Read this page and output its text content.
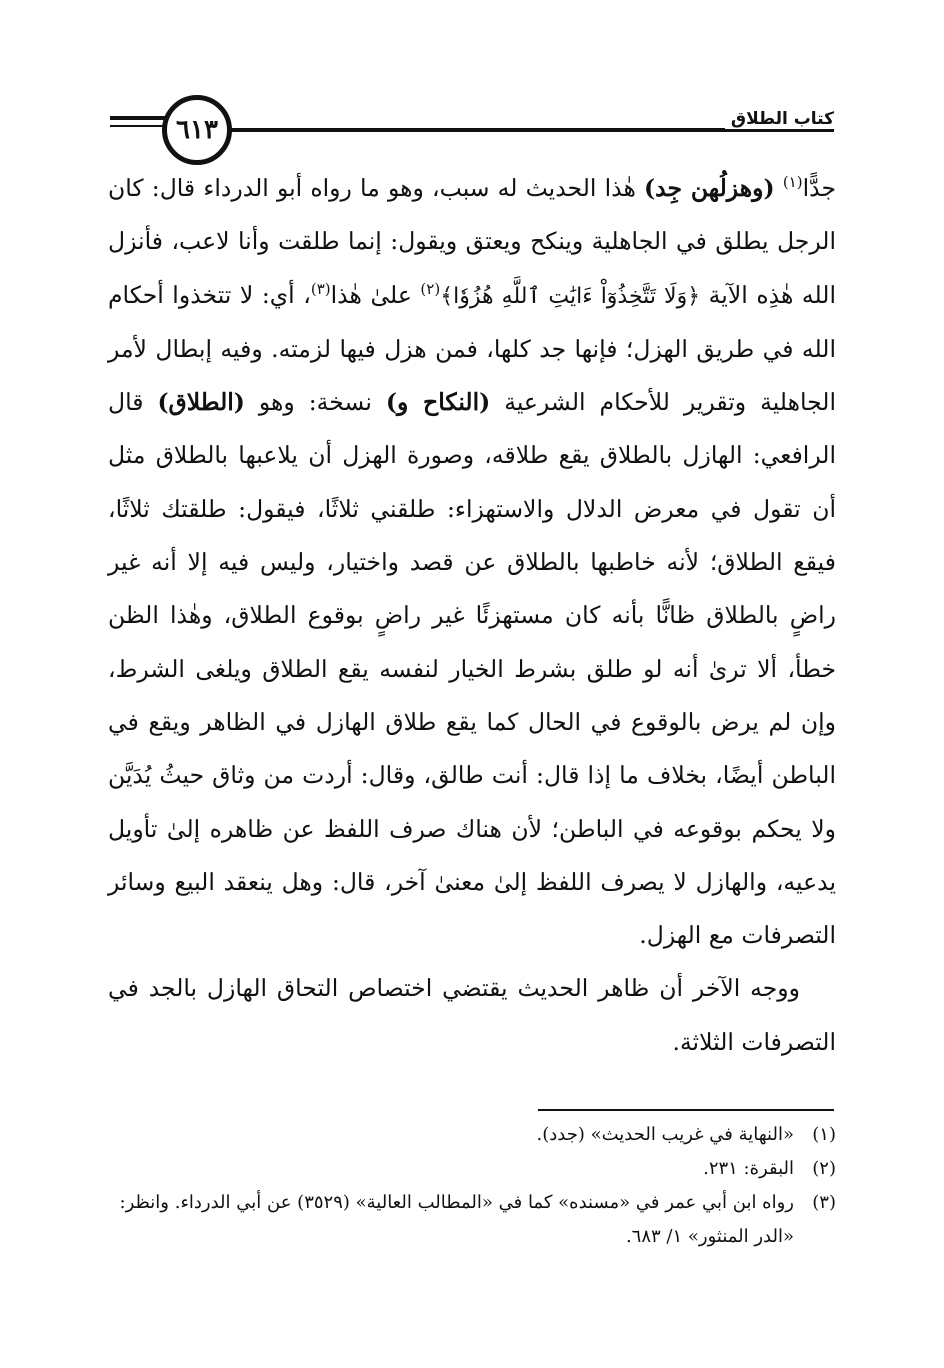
٦١٣	كتاب الطلاق

جدًّا$^{(١)}$ (وهزلُهن جِد) هٰذا الحديث له سبب، وهو ما رواه أبو الدرداء قال: كان الرجل يطلق في الجاهلية وينكح ويعتق ويقول: إنما طلقت وأنا لاعب، فأنزل الله هٰذِه الآية ﴿وَلَا تَتَّخِذُوٓاْ ءَايَٰتِ ٱللَّهِ هُزُوٗا﴾$^{(٢)}$ علىٰ هٰذا$^{(٣)}$، أي: لا تتخذوا أحكام الله في طريق الهزل؛ فإنها جد كلها، فمن هزل فيها لزمته. وفيه إبطال لأمر الجاهلية وتقرير للأحكام الشرعية (النكاح و) نسخة: وهو (الطلاق) قال الرافعي: الهازل بالطلاق يقع طلاقه، وصورة الهزل أن يلاعبها بالطلاق مثل أن تقول في معرض الدلال والاستهزاء: طلقني ثلاثًا، فيقول: طلقتك ثلاثًا، فيقع الطلاق؛ لأنه خاطبها بالطلاق عن قصد واختيار، وليس فيه إلا أنه غير راضٍ بالطلاق ظانًّا بأنه كان مستهزئًا غير راضٍ بوقوع الطلاق، وهٰذا الظن خطأ، ألا ترىٰ أنه لو طلق بشرط الخيار لنفسه يقع الطلاق ويلغى الشرط، وإن لم يرض بالوقوع في الحال كما يقع طلاق الهازل في الظاهر ويقع في الباطن أيضًا، بخلاف ما إذا قال: أنت طالق، وقال: أردت من وثاق حيثُ يُدَيَّن ولا يحكم بوقوعه في الباطن؛ لأن هناك صرف اللفظ عن ظاهره إلىٰ تأويل يدعيه، والهازل لا يصرف اللفظ إلىٰ معنىٰ آخر، قال: وهل ينعقد البيع وسائر التصرفات مع الهزل.

ووجه الآخر أن ظاهر الحديث يقتضي اختصاص التحاق الهازل بالجد في التصرفات الثلاثة.

(١)
«النهاية في غريب الحديث» (جدد).
(٢)
البقرة: ٢٣١.
(٣)
رواه ابن أبي عمر في «مسنده» كما في «المطالب العالية» (٣٥٢٩) عن أبي الدرداء. وانظر: «الدر المنثور» ١/ ٦٨٣.
